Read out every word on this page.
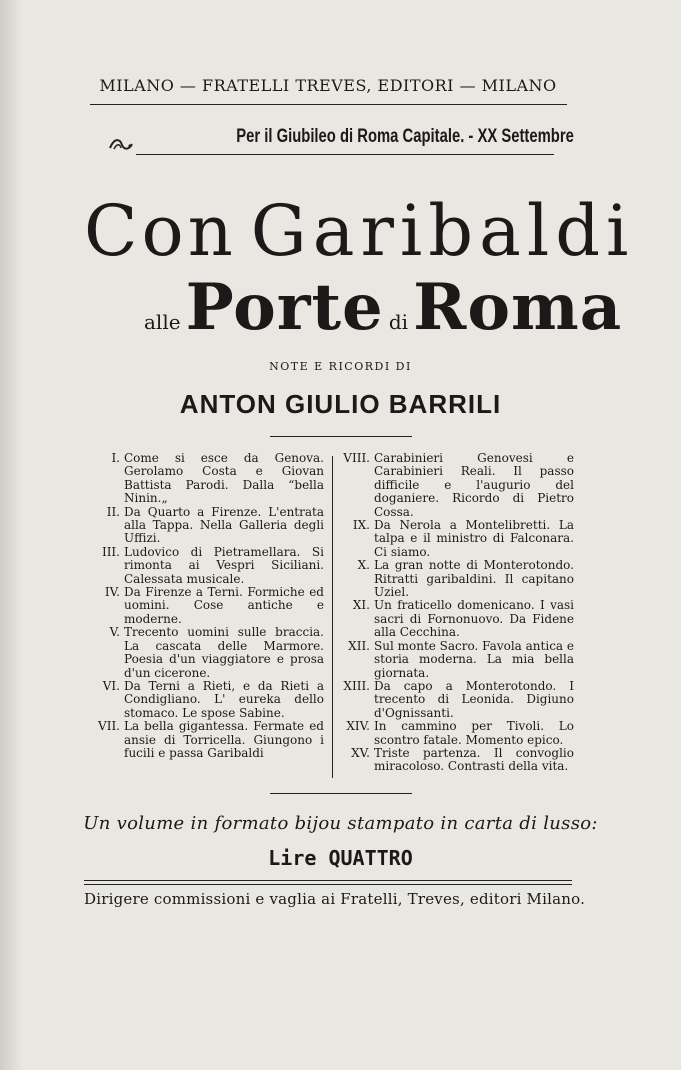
MILANO — FRATELLI TREVES, EDITORI — MILANO
Per il Giubileo di Roma Capitale. - XX Settembre
Con Garibaldi
alle Porte di Roma
NOTE E RICORDI DI
ANTON GIULIO BARRILI

I. Come si esce da Genova. Gerolamo Costa e Giovan Battista Parodi. Dalla “bella Ninin.„

II. Da Quarto a Firenze. L'entrata alla Tappa. Nella Galleria degli Uffizi.

III. Ludovico di Pietramellara. Si rimonta ai Vespri Siciliani. Calessata musicale.

IV. Da Firenze a Terni. Formiche ed uomini. Cose antiche e moderne.

V. Trecento uomini sulle braccia. La cascata delle Marmore. Poesia d'un viaggiatore e prosa d'un cicerone.

VI. Da Terni a Rieti, e da Rieti a Condigliano. L' eureka dello stomaco. Le spose Sabine.

VII. La bella gigantessa. Fermate ed ansie di Torricella. Giungono i fucili e passa Garibaldi

VIII. Carabinieri Genovesi e Carabinieri Reali. Il passo difficile e l'augurio del doganiere. Ricordo di Pietro Cossa.

IX. Da Nerola a Montelibretti. La talpa e il ministro di Falconara. Ci siamo.

X. La gran notte di Monterotondo. Ritratti garibaldini. Il capitano Uziel.

XI. Un fraticello domenicano. I vasi sacri di Fornonuovo. Da Fidene alla Cecchina.

XII. Sul monte Sacro. Favola antica e storia moderna. La mia bella giornata.

XIII. Da capo a Monterotondo. I trecento di Leonida. Digiuno d'Ognissanti.

XIV. In cammino per Tivoli. Lo scontro fatale. Momento epico.

XV. Triste partenza. Il convoglio miracoloso. Contrasti della vita.

Un volume in formato bijou stampato in carta di lusso:
Lire QUATTRO
Dirigere commissioni e vaglia ai Fratelli, Treves, editori Milano.
